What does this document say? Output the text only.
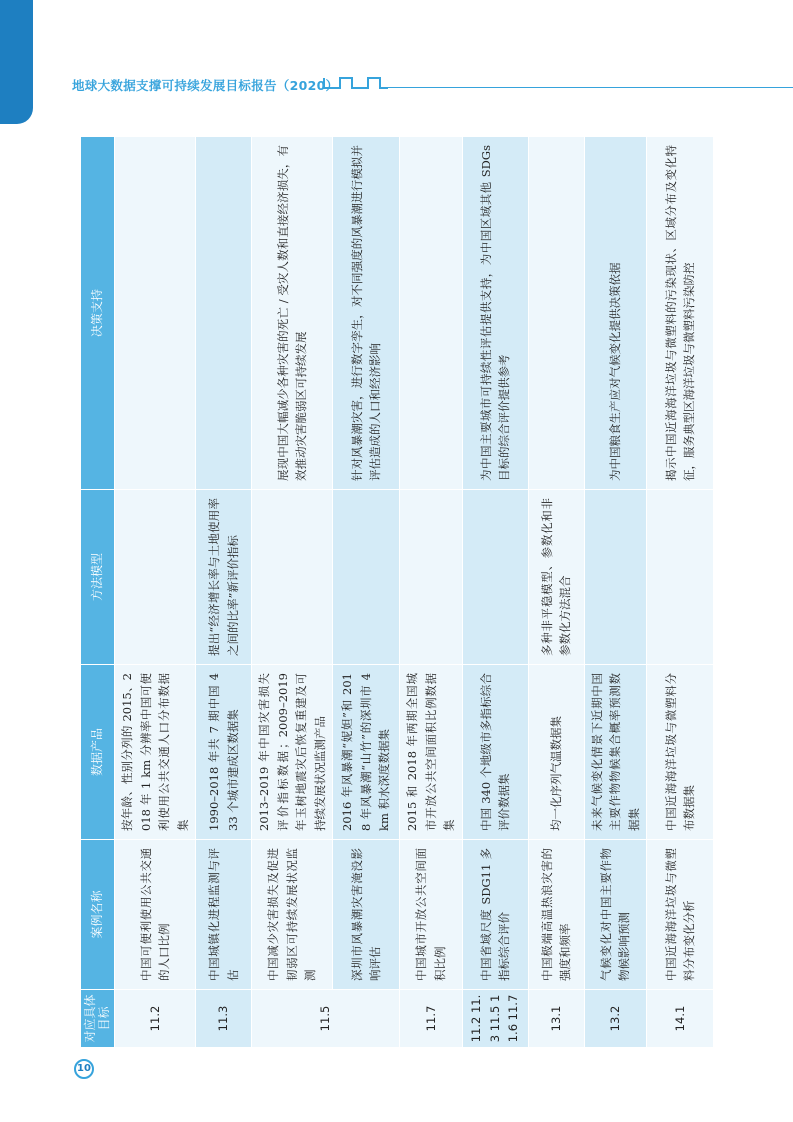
地球大数据支撑可持续发展目标报告（2020）
对应具体目标	案例名称	数据产品	方法模型	决策支持
11.2	中国可便利使用公共交通的人口比例	按年龄、性别分列的 2015、2018 年 1 km 分辨率中国可便利使用公共交通人口分布数据集		
11.3	中国城镇化进程监测与评估	1990–2018 年共 7 期中国 433 个城市建成区数据集	提出“经济增长率与土地使用率之间的比率”新评价指标	
11.5	中国减少灾害损失及促进韧弱区可持续发展状况监测	2013–2019 年中国灾害损失评价指标数据；2009–2019 年玉树地震灾后恢复重建及可持续发展状况监测产品		展现中国大幅减少各种灾害的死亡 / 受灾人数和直接经济损失，有效推动灾害脆弱区可持续发展
	深圳市风暴潮灾害淹没影响评估	2016 年风暴潮“妮妲”和 2018 年风暴潮“山竹”的深圳市 4 km 积水深度数据集		针对风暴潮灾害，进行数字孪生，对不同强度的风暴潮进行模拟并评估造成的人口和经济影响
11.7	中国城市开放公共空间面积比例	2015 和 2018 年两期全国城市开放公共空间面积比例数据集		
11.2 11.3 11.5 11.6 11.7	中国省域尺度 SDG11 多指标综合评价	中国 340 个地级市多指标综合评价数据集		为中国主要城市可持续性评估提供支持，为中国区域其他 SDGs 目标的综合评价提供参考
13.1	中国极端高温热浪灾害的强度和频率	均一化序列气温数据集	多种非平稳模型、参数化和非参数化方法混合	
13.2	气候变化对中国主要作物物候影响预测	未来气候变化情景下近期中国主要作物物候集合概率预测数据集		为中国粮食生产应对气候变化提供决策依据
14.1	中国近海海洋垃圾与微塑料分布变化分析	中国近海海洋垃圾与微塑料分布数据集		揭示中国近海海洋垃圾与微塑料的污染现状、区域分布及变化特征，服务典型区海洋垃圾与微塑料污染防控
10
